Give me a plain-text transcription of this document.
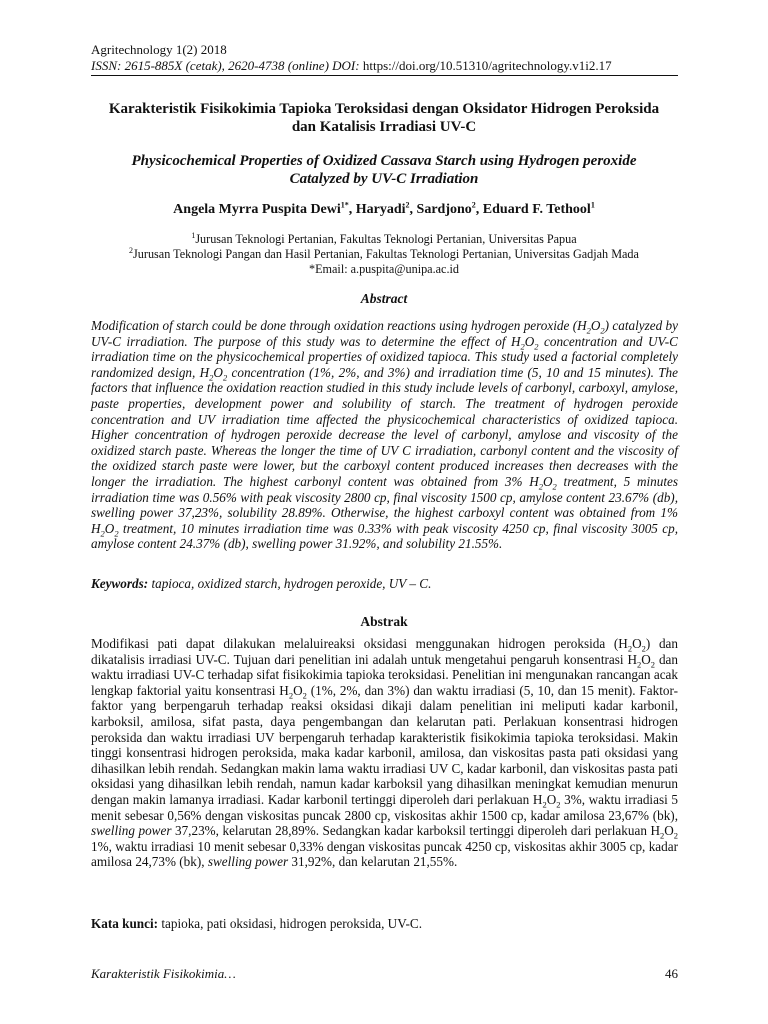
Agritechnology 1(2) 2018
ISSN: 2615-885X (cetak), 2620-4738 (online) DOI: https://doi.org/10.51310/agritechnology.v1i2.17
Karakteristik Fisikokimia Tapioka Teroksidasi dengan Oksidator Hidrogen Peroksida
dan Katalisis Irradiasi UV-C
Physicochemical Properties of Oxidized Cassava Starch using Hydrogen peroxide
Catalyzed by UV-C Irradiation
Angela Myrra Puspita Dewi$^{1*}$, Haryadi$^2$, Sardjono$^2$, Eduard F. Tethool$^1$
$^1$Jurusan Teknologi Pertanian, Fakultas Teknologi Pertanian, Universitas Papua
$^2$Jurusan Teknologi Pangan dan Hasil Pertanian, Fakultas Teknologi Pertanian, Universitas Gadjah Mada
*Email: a.puspita@unipa.ac.id
Abstract
Modification of starch could be done through oxidation reactions using hydrogen peroxide $(H_2O_2)$ catalyzed by UV-C irradiation. The purpose of this study was to determine the effect of $H_2O_2$ concentration and UV-C irradiation time on the physicochemical properties of oxidized tapioca. This study used a factorial completely randomized design, $H_2O_2$ concentration (1%, 2%, and 3%) and irradiation time (5, 10 and 15 minutes). The factors that influence the oxidation reaction studied in this study include levels of carbonyl, carboxyl, amylose, paste properties, development power and solubility of starch. The treatment of hydrogen peroxide concentration and UV irradiation time affected the physicochemical characteristics of oxidized tapioca. Higher concentration of hydrogen peroxide decrease the level of carbonyl, amylose and viscosity of the oxidized starch paste. Whereas the longer the time of UV C irradiation, carbonyl content and the viscosity of the oxidized starch paste were lower, but the carboxyl content produced increases then decreases with the longer the irradiation. The highest carbonyl content was obtained from 3% $H_2O_2$ treatment, 5 minutes irradiation time was 0.56% with peak viscosity 2800 cp, final viscosity 1500 cp, amylose content 23.67% (db), swelling power 37,23%, solubility 28.89%. Otherwise, the highest carboxyl content was obtained from 1% $H_2O_2$ treatment, 10 minutes irradiation time was 0.33% with peak viscosity 4250 cp, final viscosity 3005 cp, amylose content 24.37% (db), swelling power 31.92%, and solubility 21.55%.
Keywords: tapioca, oxidized starch, hydrogen peroxide, UV – C.
Abstrak
Modifikasi pati dapat dilakukan melaluireaksi oksidasi menggunakan hidrogen peroksida $(H_2O_2)$ dan dikatalisis irradiasi UV-C. Tujuan dari penelitian ini adalah untuk mengetahui pengaruh konsentrasi $H_2O_2$ dan waktu irradiasi UV-C terhadap sifat fisikokimia tapioka teroksidasi. Penelitian ini mengunakan rancangan acak lengkap faktorial yaitu konsentrasi $H_2O_2$ (1%, 2%, dan 3%) dan waktu irradiasi (5, 10, dan 15 menit). Faktor-faktor yang berpengaruh terhadap reaksi oksidasi dikaji dalam penelitian ini meliputi kadar karbonil, karboksil, amilosa, sifat pasta, daya pengembangan dan kelarutan pati. Perlakuan konsentrasi hidrogen peroksida dan waktu irradiasi UV berpengaruh terhadap karakteristik fisikokimia tapioka teroksidasi. Makin tinggi konsentrasi hidrogen peroksida, maka kadar karbonil, amilosa, dan viskositas pasta pati oksidasi yang dihasilkan lebih rendah. Sedangkan makin lama waktu irradiasi UV C, kadar karbonil, dan viskositas pasta pati oksidasi yang dihasilkan lebih rendah, namun kadar karboksil yang dihasilkan meningkat kemudian menurun dengan makin lamanya irradiasi. Kadar karbonil tertinggi diperoleh dari perlakuan $H_2O_2$ 3%, waktu irradiasi 5 menit sebesar 0,56% dengan viskositas puncak 2800 cp, viskositas akhir 1500 cp, kadar amilosa 23,67% (bk), swelling power 37,23%, kelarutan 28,89%. Sedangkan kadar karboksil tertinggi diperoleh dari perlakuan $H_2O_2$ 1%, waktu irradiasi 10 menit sebesar 0,33% dengan viskositas puncak 4250 cp, viskositas akhir 3005 cp, kadar amilosa 24,73% (bk), swelling power 31,92%, dan kelarutan 21,55%.
Kata kunci: tapioka, pati oksidasi, hidrogen peroksida, UV-C.
Karakteristik Fisikokimia…	46
